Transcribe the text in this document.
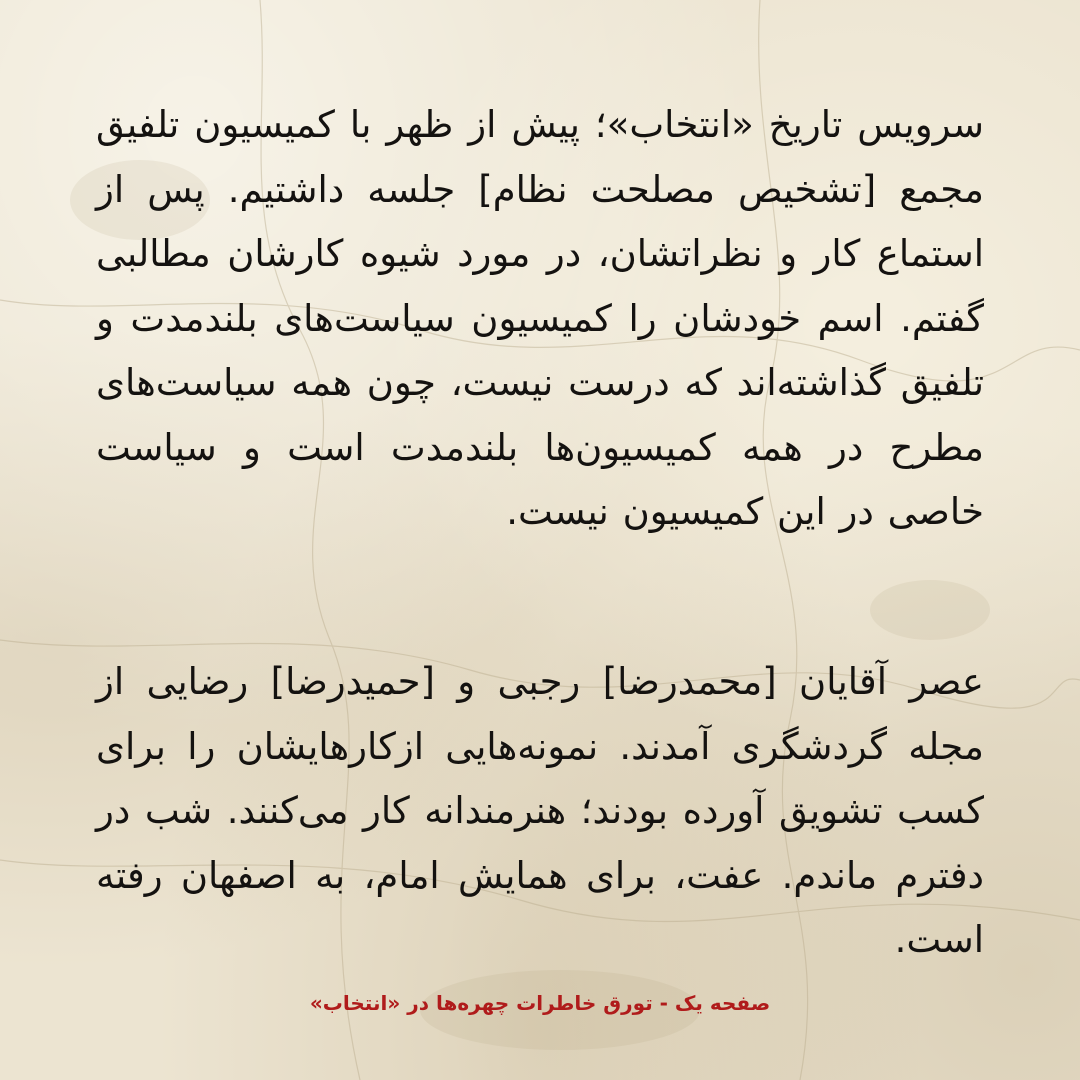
سرویس تاریخ «انتخاب»؛ پیش از ظهر با کمیسیون تلفیق مجمع [تشخیص مصلحت نظام] جلسه داشتیم. پس از استماع کار و نظراتشان، در مورد شیوه کارشان مطالبی گفتم. اسم خودشان را کمیسیون سیاست‌های بلندمدت و تلفیق گذاشته‌اند که درست نیست، چون همه سیاست‌های مطرح در همه کمیسیون‌ها بلندمدت است و سیاست خاصی در این کمیسیون نیست.

عصر آقایان [محمدرضا] رجبی و [حمیدرضا] رضایی از مجله گردشگری آمدند. نمونه‌هایی ازکارهایشان را برای کسب تشویق آورده بودند؛ هنرمندانه کار می‌کنند. شب در دفترم ماندم. عفت، برای همایش امام، به اصفهان رفته است.

صفحه یک - تورق خاطرات چهره‌ها در «انتخاب»
